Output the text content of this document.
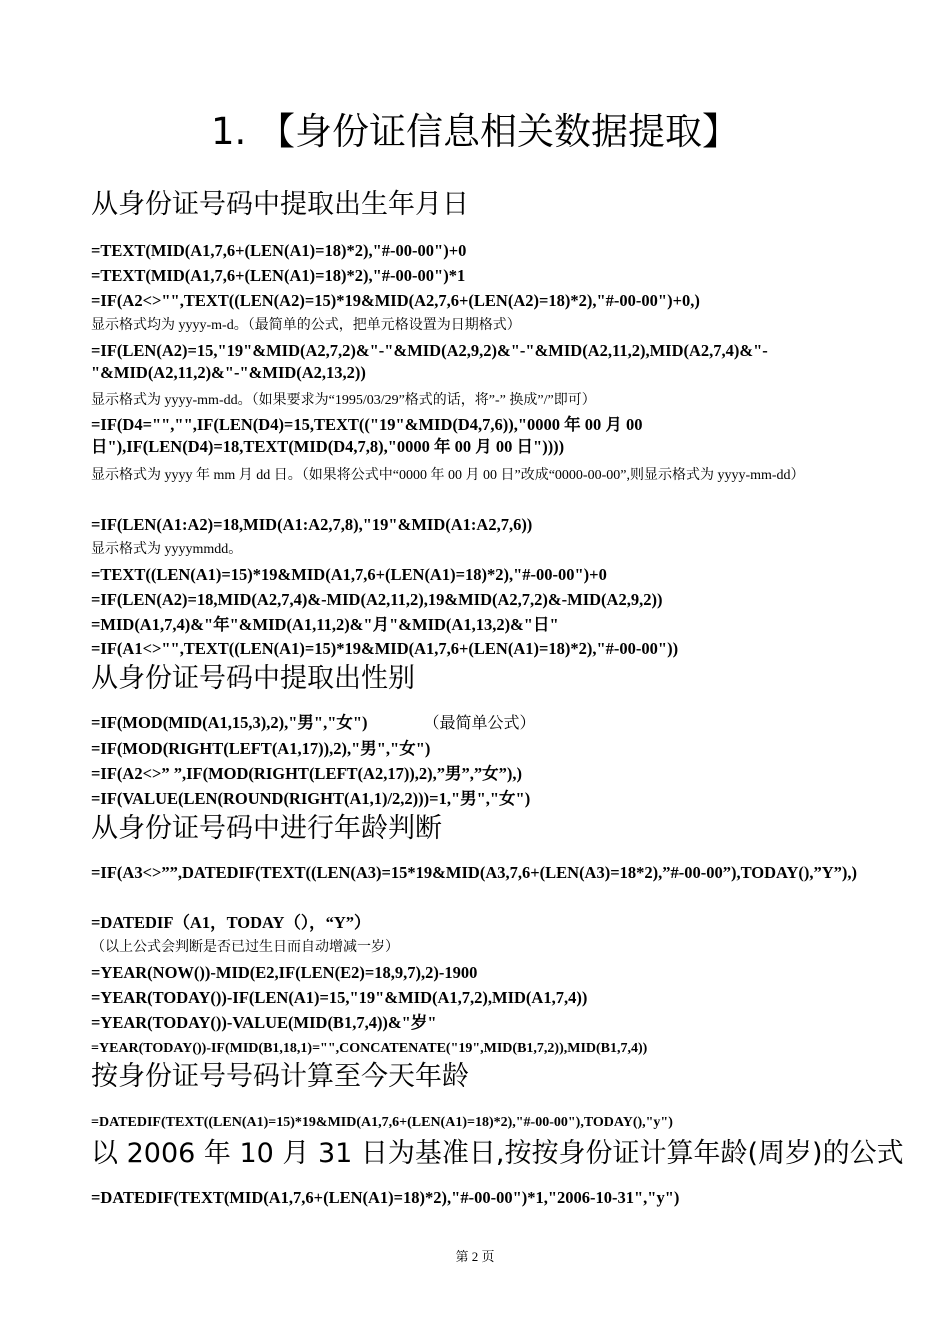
1. 【身份证信息相关数据提取】
从身份证号码中提取出生年月日
=TEXT(MID(A1,7,6+(LEN(A1)=18)*2),"#-00-00")+0
=TEXT(MID(A1,7,6+(LEN(A1)=18)*2),"#-00-00")*1
=IF(A2<>"",TEXT((LEN(A2)=15)*19&MID(A2,7,6+(LEN(A2)=18)*2),"#-00-00")+0,)
显示格式均为 yyyy-m-d。（最简单的公式，把单元格设置为日期格式）
=IF(LEN(A2)=15,"19"&MID(A2,7,2)&"-"&MID(A2,9,2)&"-"&MID(A2,11,2),MID(A2,7,4)&"-"&MID(A2,11,2)&"-"&MID(A2,13,2))
显示格式为 yyyy-mm-dd。（如果要求为“1995/03/29”格式的话，将”-” 换成”/”即可）
=IF(D4="","",IF(LEN(D4)=15,TEXT(("19"&MID(D4,7,6)),"0000 年 00 月 00 日"),IF(LEN(D4)=18,TEXT(MID(D4,7,8),"0000 年 00 月 00 日"))))
显示格式为 yyyy 年 mm 月 dd 日。（如果将公式中“0000 年 00 月 00 日”改成“0000-00-00”,则显示格式为 yyyy-mm-dd）
=IF(LEN(A1:A2)=18,MID(A1:A2,7,8),"19"&MID(A1:A2,7,6))
显示格式为 yyyymmdd。
=TEXT((LEN(A1)=15)*19&MID(A1,7,6+(LEN(A1)=18)*2),"#-00-00")+0
=IF(LEN(A2)=18,MID(A2,7,4)&-MID(A2,11,2),19&MID(A2,7,2)&-MID(A2,9,2))
=MID(A1,7,4)&"年"&MID(A1,11,2)&"月"&MID(A1,13,2)&"日"
=IF(A1<>"",TEXT((LEN(A1)=15)*19&MID(A1,7,6+(LEN(A1)=18)*2),"#-00-00"))
从身份证号码中提取出性别
=IF(MOD(MID(A1,15,3),2),"男","女")	（最简单公式）
=IF(MOD(RIGHT(LEFT(A1,17)),2),"男","女")
=IF(A2<>” ”,IF(MOD(RIGHT(LEFT(A2,17)),2),”男”,”女”),)
=IF(VALUE(LEN(ROUND(RIGHT(A1,1)/2,2)))=1,"男","女")
从身份证号码中进行年龄判断
=IF(A3<>””,DATEDIF(TEXT((LEN(A3)=15*19&MID(A3,7,6+(LEN(A3)=18*2),”#-00-00”),TODAY(),”Y”),)
=DATEDIF（A1，TODAY（），“Y”）
（以上公式会判断是否已过生日而自动增减一岁）
=YEAR(NOW())-MID(E2,IF(LEN(E2)=18,9,7),2)-1900
=YEAR(TODAY())-IF(LEN(A1)=15,"19"&MID(A1,7,2),MID(A1,7,4))
=YEAR(TODAY())-VALUE(MID(B1,7,4))&"岁"
=YEAR(TODAY())-IF(MID(B1,18,1)="",CONCATENATE("19",MID(B1,7,2)),MID(B1,7,4))
按身份证号号码计算至今天年龄
=DATEDIF(TEXT((LEN(A1)=15)*19&MID(A1,7,6+(LEN(A1)=18)*2),"#-00-00"),TODAY(),"y")
以 2006 年 10 月 31 日为基准日,按按身份证计算年龄(周岁)的公式
=DATEDIF(TEXT(MID(A1,7,6+(LEN(A1)=18)*2),"#-00-00")*1,"2006-10-31","y")
第 2 页
